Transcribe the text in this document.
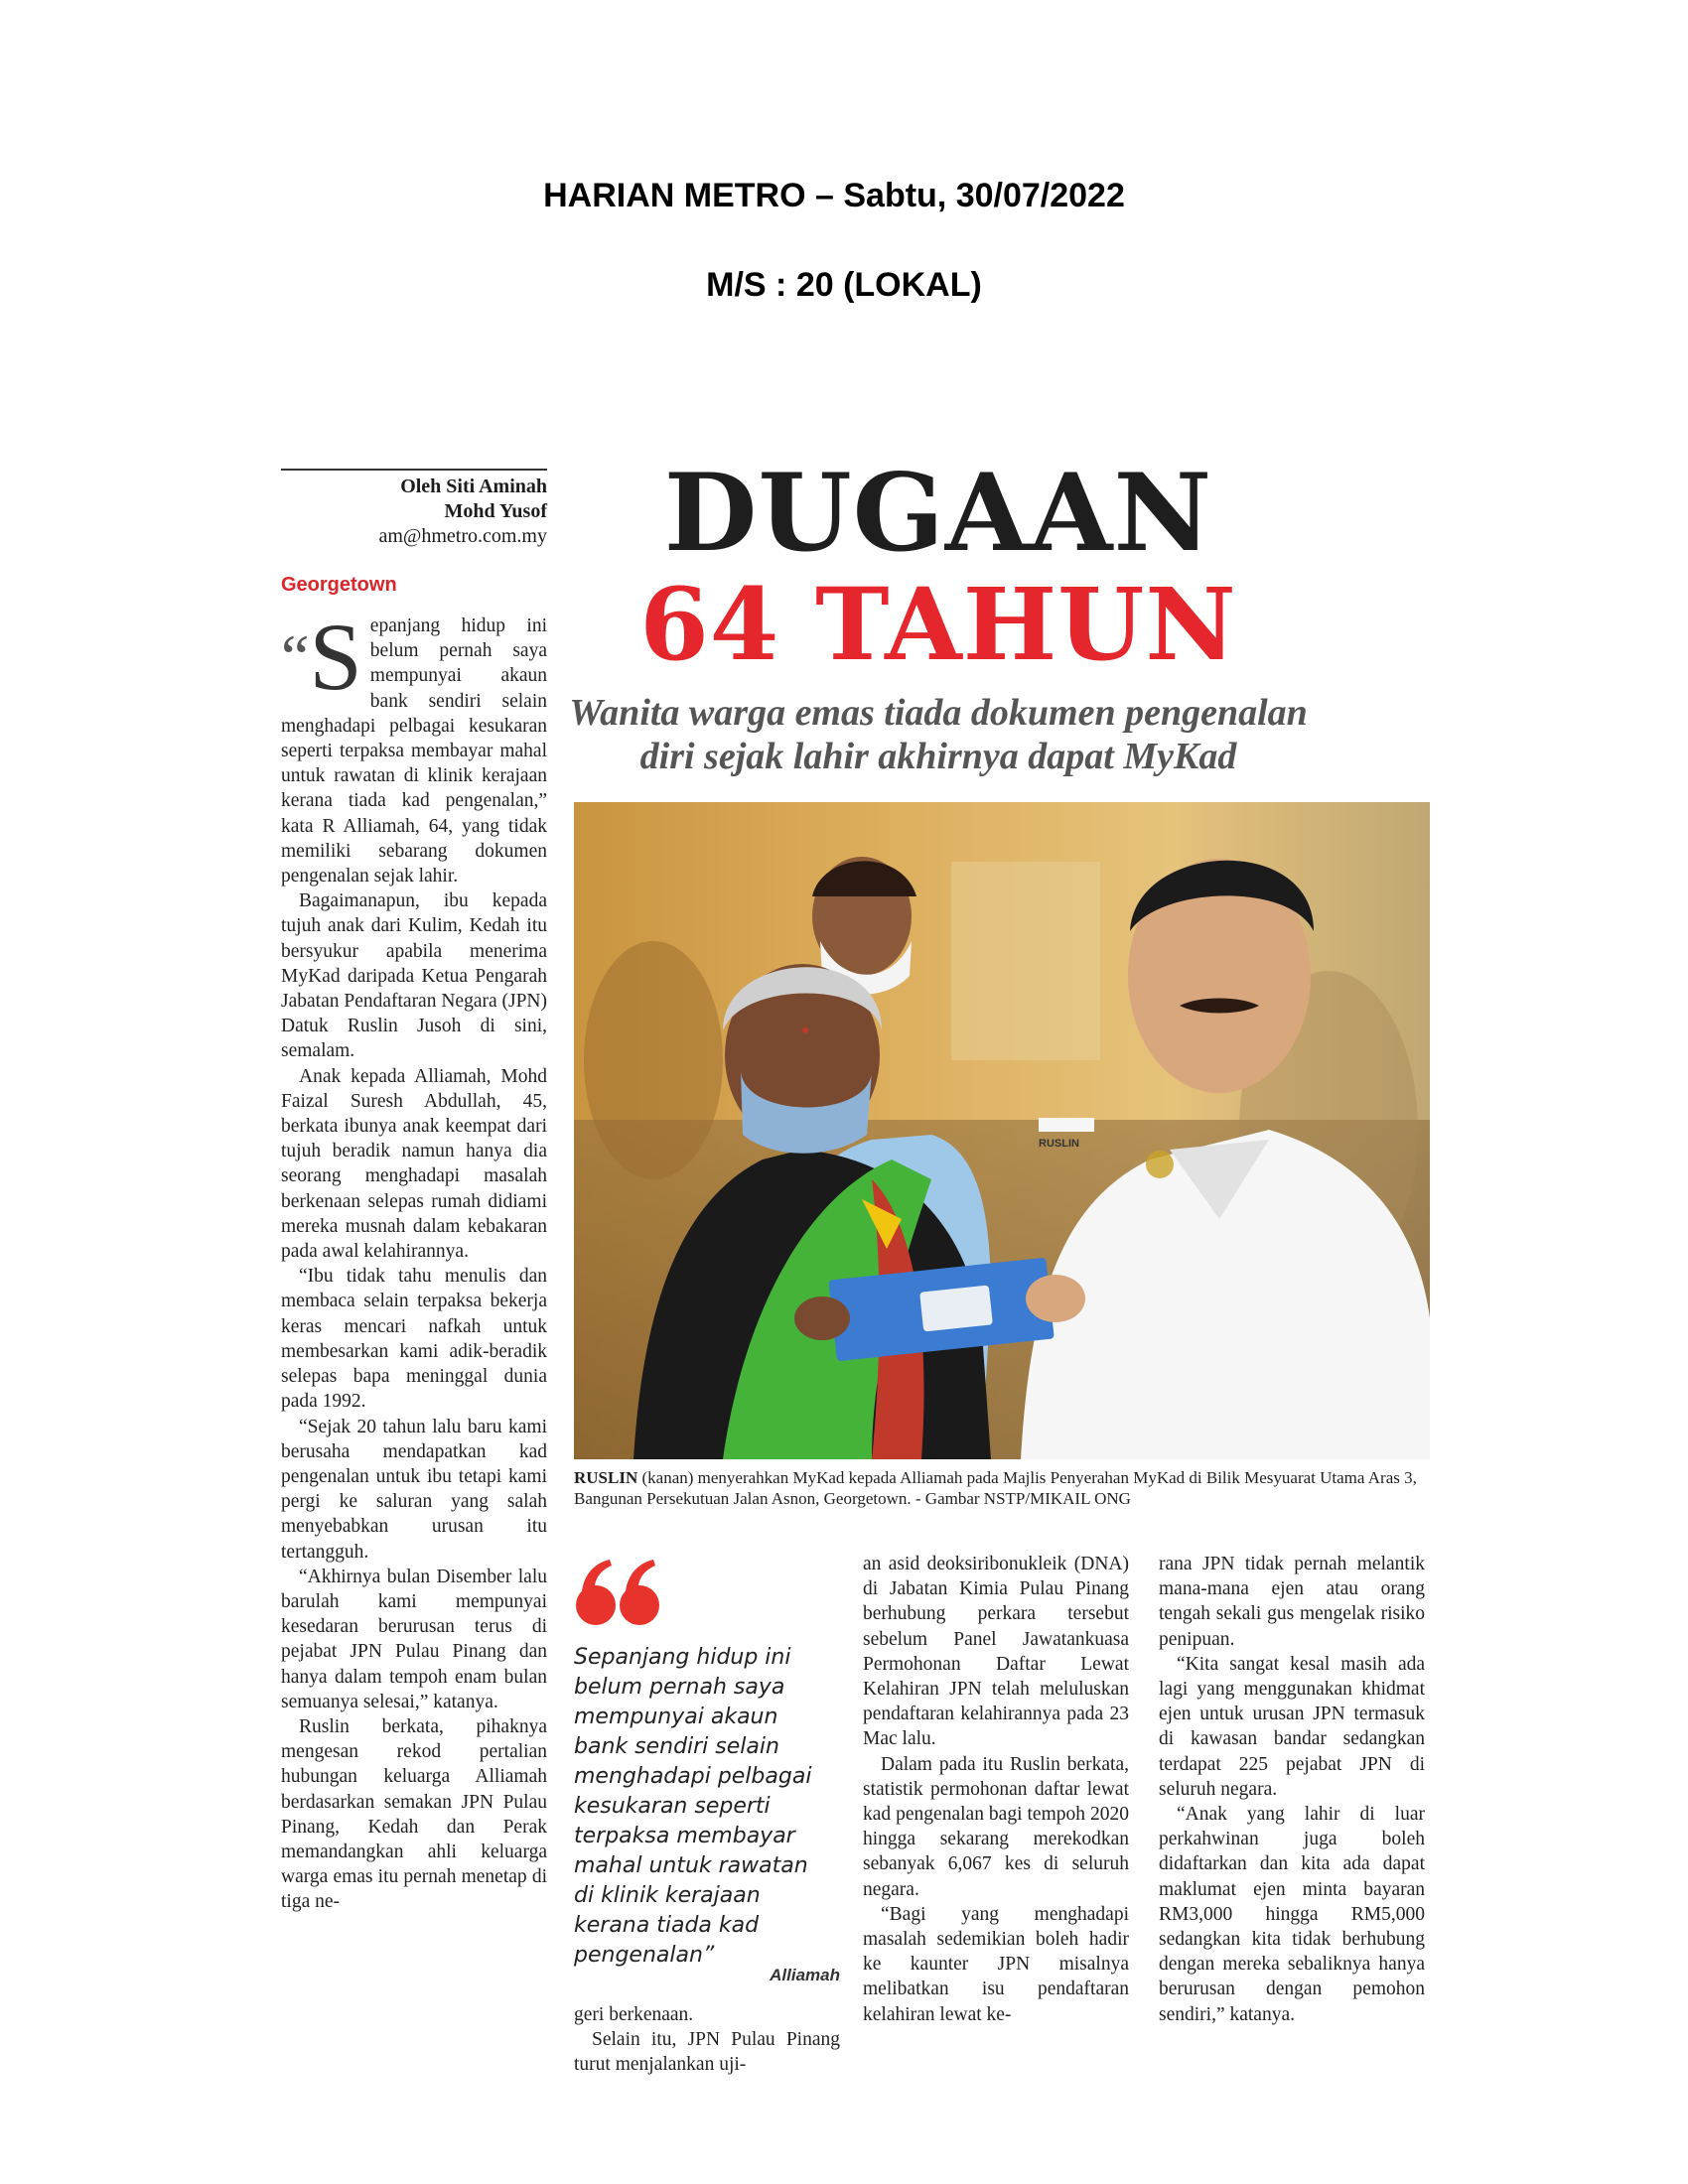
HARIAN METRO – Sabtu, 30/07/2022
M/S : 20 (LOKAL)
Oleh Siti Aminah
Mohd Yusof
am@hmetro.com.my
Georgetown

“S epanjang hidup ini belum pernah saya mempunyai akaun bank sendiri selain menghadapi pelbagai kesukaran seperti terpaksa membayar mahal untuk rawatan di klinik kerajaan kerana tiada kad pengenalan,” kata R Alliamah, 64, yang tidak memiliki sebarang dokumen pengenalan sejak lahir.

Bagaimanapun, ibu kepada tujuh anak dari Kulim, Kedah itu bersyukur apabila menerima MyKad daripada Ketua Pengarah Jabatan Pendaftaran Negara (JPN) Datuk Ruslin Jusoh di sini, semalam.

Anak kepada Alliamah, Mohd Faizal Suresh Abdullah, 45, berkata ibunya anak keempat dari tujuh beradik namun hanya dia seorang menghadapi masalah berkenaan selepas rumah didiami mereka musnah dalam kebakaran pada awal kelahirannya.

“Ibu tidak tahu menulis dan membaca selain terpaksa bekerja keras mencari nafkah untuk membesarkan kami adik-beradik selepas bapa meninggal dunia pada 1992.

“Sejak 20 tahun lalu baru kami berusaha mendapatkan kad pengenalan untuk ibu tetapi kami pergi ke saluran yang salah menyebabkan urusan itu tertangguh.

“Akhirnya bulan Disember lalu barulah kami mempunyai kesedaran berurusan terus di pejabat JPN Pulau Pinang dan hanya dalam tempoh enam bulan semuanya selesai,” katanya.

Ruslin berkata, pihaknya mengesan rekod pertalian hubungan keluarga Alliamah berdasarkan semakan JPN Pulau Pinang, Kedah dan Perak memandangkan ahli keluarga warga emas itu pernah menetap di tiga ne-

DUGAAN
64 TAHUN
Wanita warga emas tiada dokumen pengenalan
diri sejak lahir akhirnya dapat MyKad
RUSLIN
RUSLIN (kanan) menyerahkan MyKad kepada Alliamah pada Majlis Penyerahan MyKad di Bilik Mesyuarat Utama Aras 3, Bangunan Persekutuan Jalan Asnon, Georgetown. - Gambar NSTP/MIKAIL ONG
Sepanjang hidup ini belum pernah saya mempunyai akaun bank sendiri selain menghadapi pelbagai kesukaran seperti terpaksa membayar mahal untuk rawatan di klinik kerajaan kerana tiada kad pengenalan”
Alliamah

geri berkenaan.

Selain itu, JPN Pulau Pinang turut menjalankan uji-

an asid deoksiribonukleik (DNA) di Jabatan Kimia Pulau Pinang berhubung perkara tersebut sebelum Panel Jawatankuasa Permohonan Daftar Lewat Kelahiran JPN telah meluluskan pendaftaran kelahirannya pada 23 Mac lalu.

Dalam pada itu Ruslin berkata, statistik permohonan daftar lewat kad pengenalan bagi tempoh 2020 hingga sekarang merekodkan sebanyak 6,067 kes di seluruh negara.

“Bagi yang menghadapi masalah sedemikian boleh hadir ke kaunter JPN misalnya melibatkan isu pendaftaran kelahiran lewat ke-

rana JPN tidak pernah melantik mana-mana ejen atau orang tengah sekali gus mengelak risiko penipuan.

“Kita sangat kesal masih ada lagi yang menggunakan khidmat ejen untuk urusan JPN termasuk di kawasan bandar sedangkan terdapat 225 pejabat JPN di seluruh negara.

“Anak yang lahir di luar perkahwinan juga boleh didaftarkan dan kita ada dapat maklumat ejen minta bayaran RM3,000 hingga RM5,000 sedangkan kita tidak berhubung dengan mereka sebaliknya hanya berurusan dengan pemohon sendiri,” katanya.
